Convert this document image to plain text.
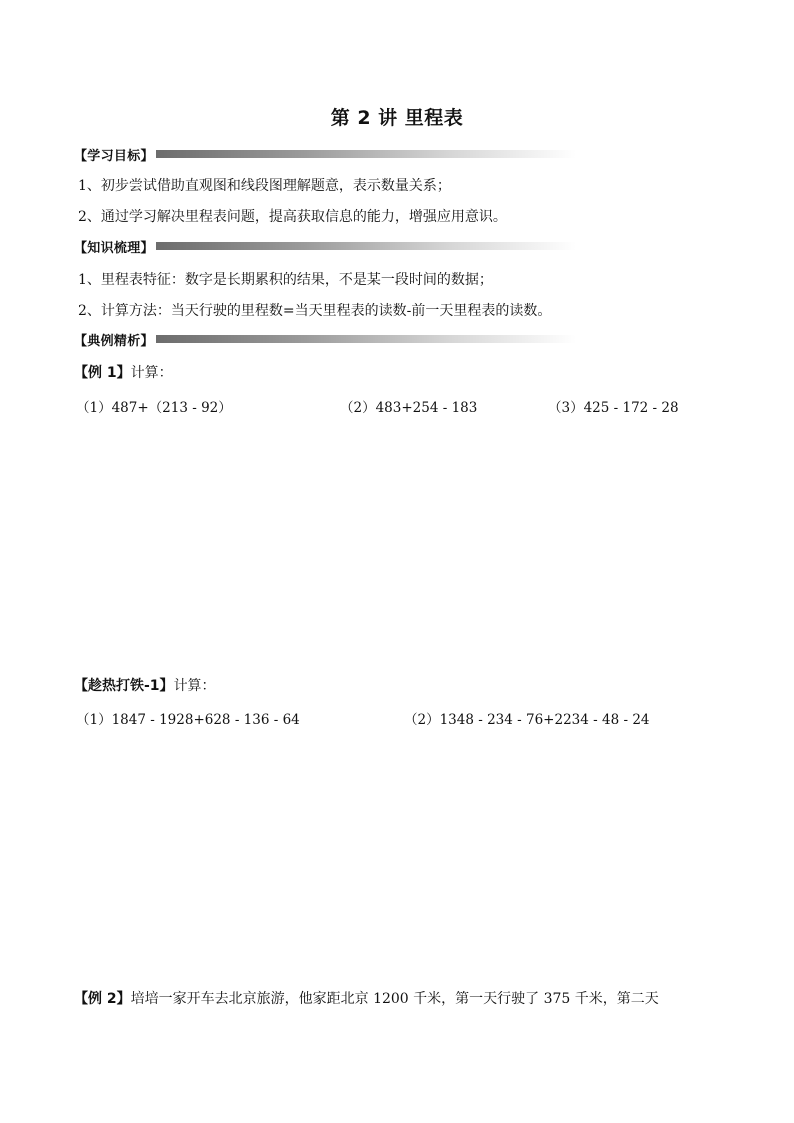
第 2 讲 里程表
【学习目标】
1、初步尝试借助直观图和线段图理解题意，表示数量关系；
2、通过学习解决里程表问题，提高获取信息的能力，增强应用意识。
【知识梳理】
1、里程表特征：数字是长期累积的结果，不是某一段时间的数据；
2、计算方法：当天行驶的里程数=当天里程表的读数-前一天里程表的读数。
【典例精析】
【例 1】计算：
（1）487+（213 - 92）	（2）483+254 - 183	（3）425 - 172 - 28
【趁热打铁-1】计算：
（1）1847 - 1928+628 - 136 - 64	（2）1348 - 234 - 76+2234 - 48 - 24
【例 2】培培一家开车去北京旅游，他家距北京 1200 千米，第一天行驶了 375 千米，第二天
